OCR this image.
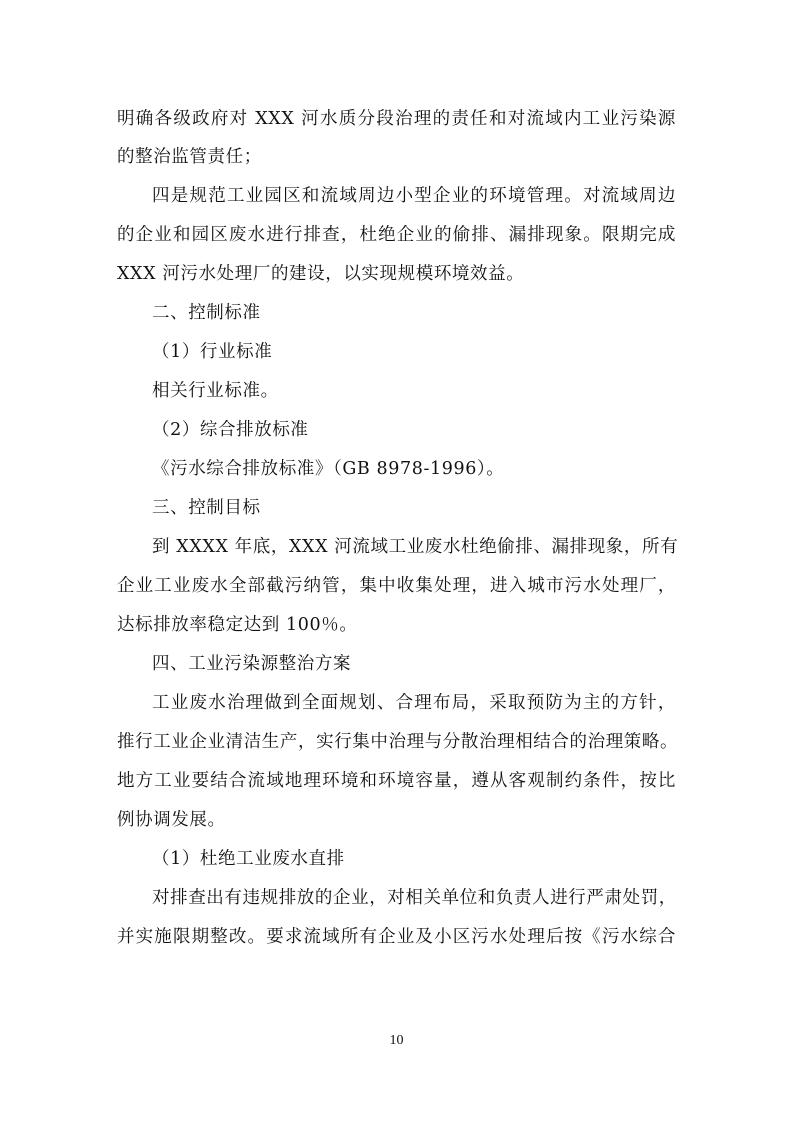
明确各级政府对 XXX 河水质分段治理的责任和对流域内工业污染源
的整治监管责任；
四是规范工业园区和流域周边小型企业的环境管理。对流域周边
的企业和园区废水进行排查，杜绝企业的偷排、漏排现象。限期完成
XXX 河污水处理厂的建设，以实现规模环境效益。
二、控制标准
（1）行业标准
相关行业标准。
（2）综合排放标准
《污水综合排放标准》（GB 8978-1996）。
三、控制目标
到 XXXX 年底，XXX 河流域工业废水杜绝偷排、漏排现象，所有
企业工业废水全部截污纳管，集中收集处理，进入城市污水处理厂，
达标排放率稳定达到 100％。
四、工业污染源整治方案
工业废水治理做到全面规划、合理布局，采取预防为主的方针，
推行工业企业清洁生产，实行集中治理与分散治理相结合的治理策略。
地方工业要结合流域地理环境和环境容量，遵从客观制约条件，按比
例协调发展。
（1）杜绝工业废水直排
对排查出有违规排放的企业，对相关单位和负责人进行严肃处罚，
并实施限期整改。要求流域所有企业及小区污水处理后按《污水综合
10
